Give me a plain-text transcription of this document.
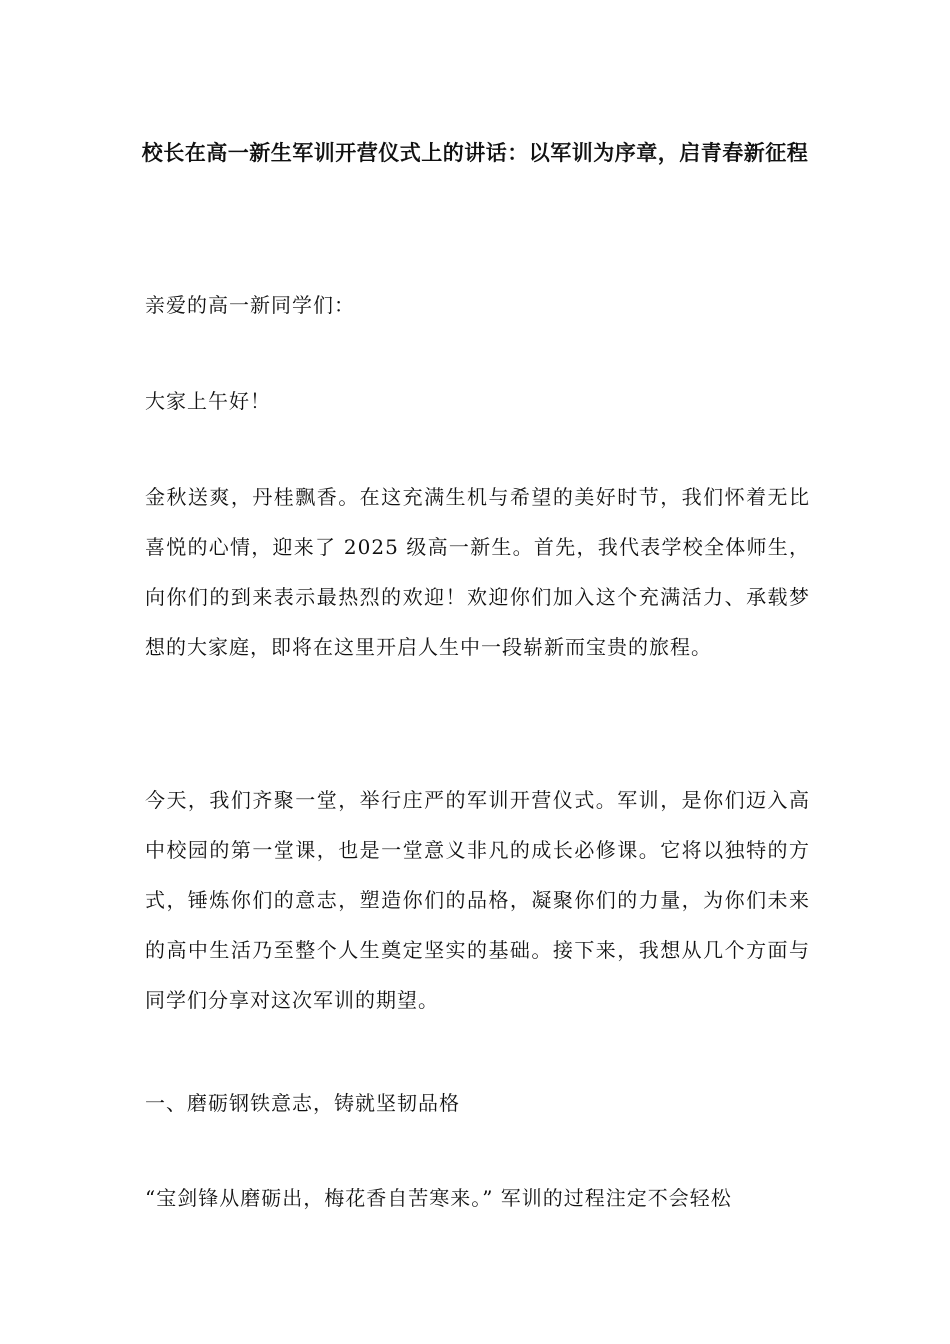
校长在高一新生军训开营仪式上的讲话：以军训为序章，启青春新征程
亲爱的高一新同学们：
大家上午好！
金秋送爽，丹桂飘香。在这充满生机与希望的美好时节，我们怀着无比喜悦的心情，迎来了 2025 级高一新生。首先，我代表学校全体师生，向你们的到来表示最热烈的欢迎！欢迎你们加入这个充满活力、承载梦想的大家庭，即将在这里开启人生中一段崭新而宝贵的旅程。
今天，我们齐聚一堂，举行庄严的军训开营仪式。军训，是你们迈入高中校园的第一堂课，也是一堂意义非凡的成长必修课。它将以独特的方式，锤炼你们的意志，塑造你们的品格，凝聚你们的力量，为你们未来的高中生活乃至整个人生奠定坚实的基础。接下来，我想从几个方面与同学们分享对这次军训的期望。
一、磨砺钢铁意志，铸就坚韧品格
“宝剑锋从磨砺出，梅花香自苦寒来。” 军训的过程注定不会轻松
